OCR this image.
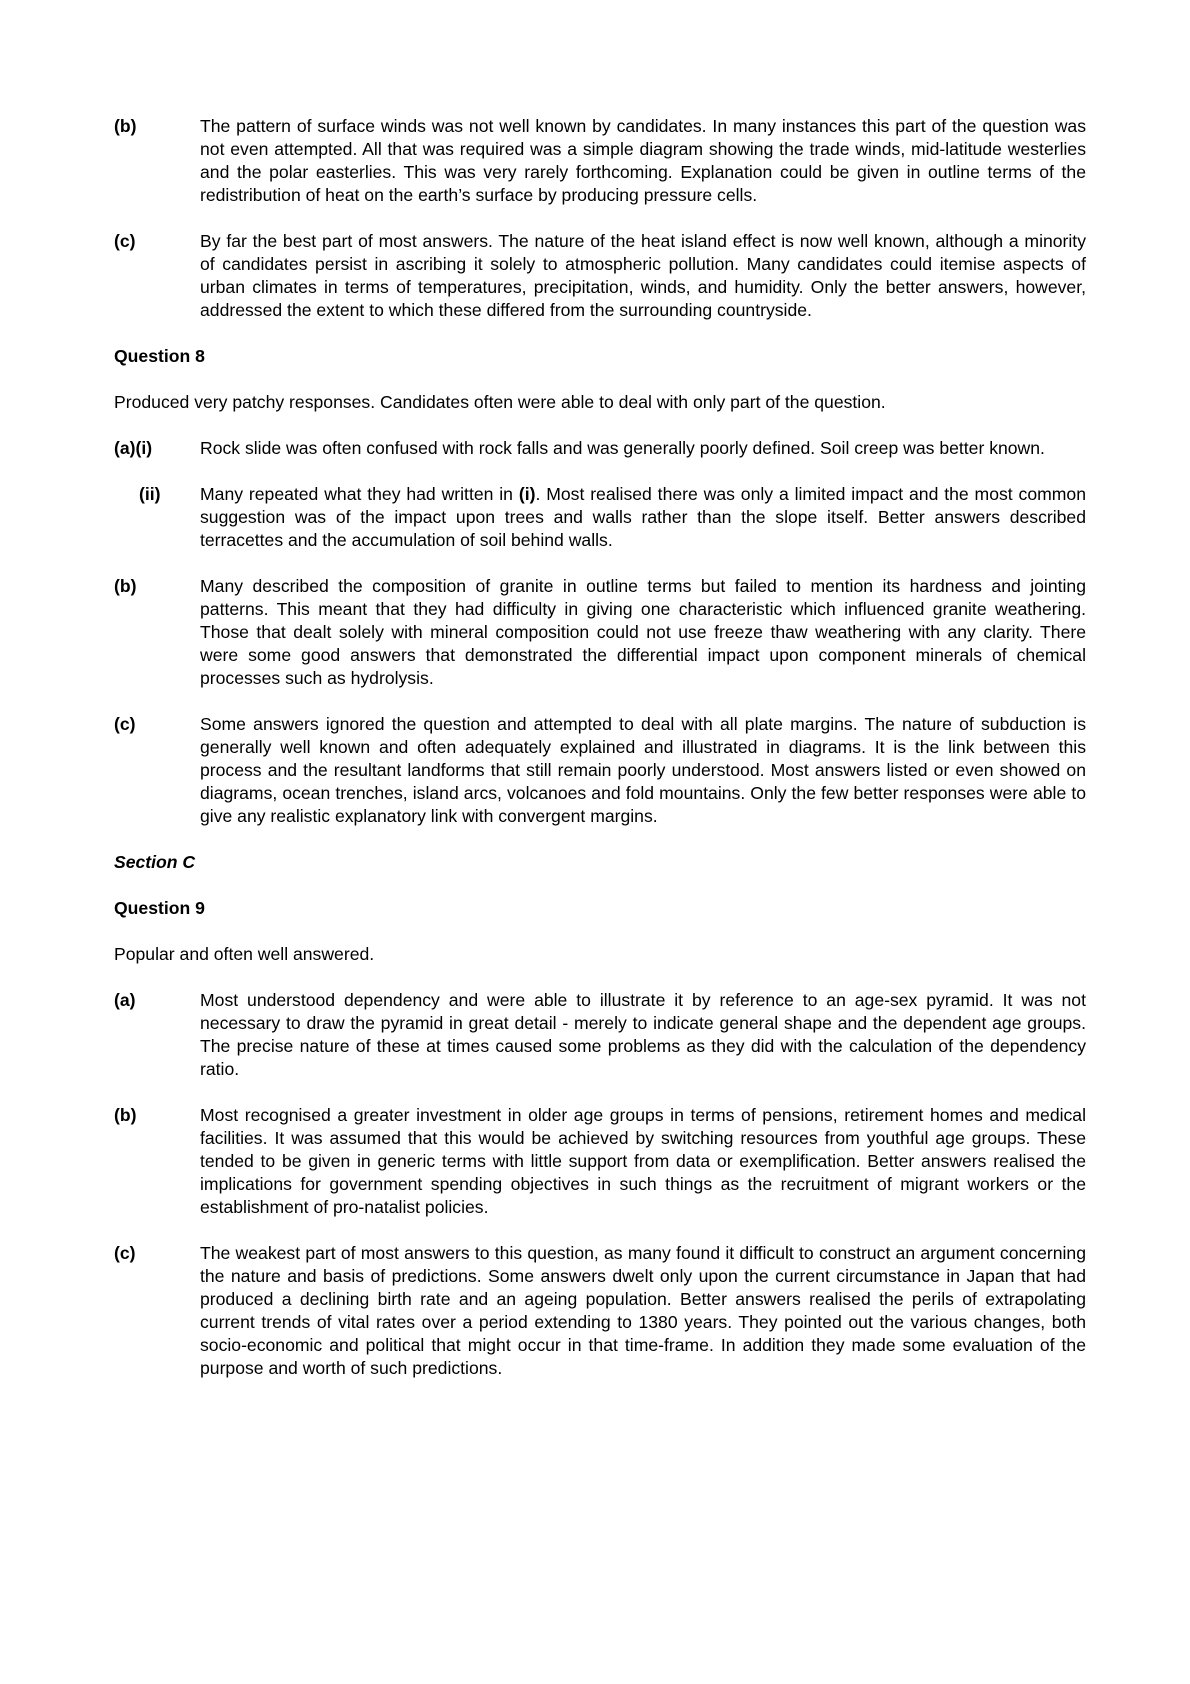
(b)	The pattern of surface winds was not well known by candidates. In many instances this part of the question was not even attempted. All that was required was a simple diagram showing the trade winds, mid-latitude westerlies and the polar easterlies. This was very rarely forthcoming. Explanation could be given in outline terms of the redistribution of heat on the earth’s surface by producing pressure cells.
(c)	By far the best part of most answers. The nature of the heat island effect is now well known, although a minority of candidates persist in ascribing it solely to atmospheric pollution. Many candidates could itemise aspects of urban climates in terms of temperatures, precipitation, winds, and humidity. Only the better answers, however, addressed the extent to which these differed from the surrounding countryside.
Question 8
Produced very patchy responses. Candidates often were able to deal with only part of the question.
(a)(i)	Rock slide was often confused with rock falls and was generally poorly defined. Soil creep was better known.
(ii)	Many repeated what they had written in (i). Most realised there was only a limited impact and the most common suggestion was of the impact upon trees and walls rather than the slope itself. Better answers described terracettes and the accumulation of soil behind walls.
(b)	Many described the composition of granite in outline terms but failed to mention its hardness and jointing patterns. This meant that they had difficulty in giving one characteristic which influenced granite weathering. Those that dealt solely with mineral composition could not use freeze thaw weathering with any clarity. There were some good answers that demonstrated the differential impact upon component minerals of chemical processes such as hydrolysis.
(c)	Some answers ignored the question and attempted to deal with all plate margins. The nature of subduction is generally well known and often adequately explained and illustrated in diagrams. It is the link between this process and the resultant landforms that still remain poorly understood. Most answers listed or even showed on diagrams, ocean trenches, island arcs, volcanoes and fold mountains. Only the few better responses were able to give any realistic explanatory link with convergent margins.
Section C
Question 9
Popular and often well answered.
(a)	Most understood dependency and were able to illustrate it by reference to an age-sex pyramid. It was not necessary to draw the pyramid in great detail - merely to indicate general shape and the dependent age groups. The precise nature of these at times caused some problems as they did with the calculation of the dependency ratio.
(b)	Most recognised a greater investment in older age groups in terms of pensions, retirement homes and medical facilities. It was assumed that this would be achieved by switching resources from youthful age groups. These tended to be given in generic terms with little support from data or exemplification. Better answers realised the implications for government spending objectives in such things as the recruitment of migrant workers or the establishment of pro-natalist policies.
(c)	The weakest part of most answers to this question, as many found it difficult to construct an argument concerning the nature and basis of predictions. Some answers dwelt only upon the current circumstance in Japan that had produced a declining birth rate and an ageing population. Better answers realised the perils of extrapolating current trends of vital rates over a period extending to 1380 years. They pointed out the various changes, both socio-economic and political that might occur in that time-frame. In addition they made some evaluation of the purpose and worth of such predictions.
